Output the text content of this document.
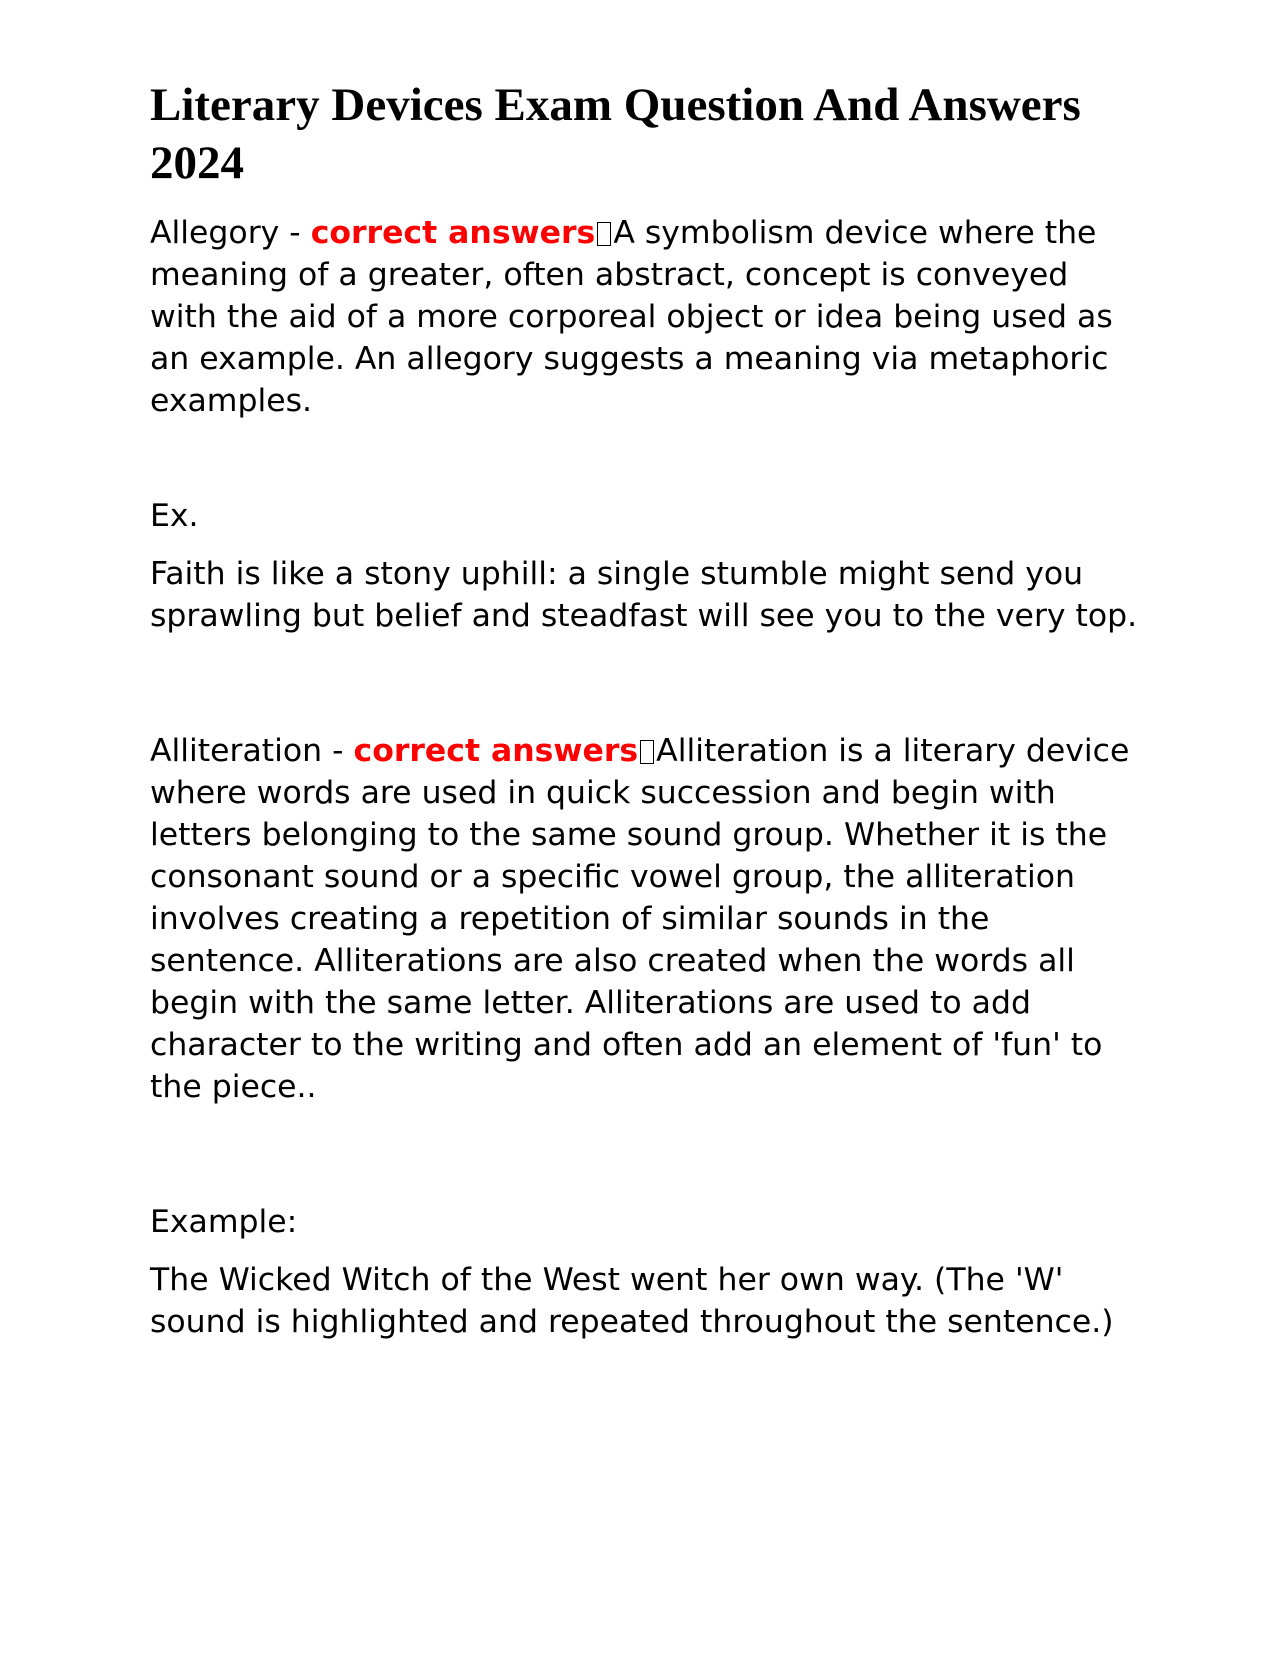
Literary Devices Exam Question And Answers 2024

Allegory - correct answers A symbolism device where the meaning of a greater, often abstract, concept is conveyed with the aid of a more corporeal object or idea being used as an example. An allegory suggests a meaning via metaphoric examples.

Ex.

Faith is like a stony uphill: a single stumble might send you sprawling but belief and steadfast will see you to the very top.

Alliteration - correct answers Alliteration is a literary device where words are used in quick succession and begin with letters belonging to the same sound group. Whether it is the consonant sound or a specific vowel group, the alliteration involves creating a repetition of similar sounds in the sentence. Alliterations are also created when the words all begin with the same letter. Alliterations are used to add character to the writing and often add an element of 'fun' to the piece..

Example:

The Wicked Witch of the West went her own way. (The 'W' sound is highlighted and repeated throughout the sentence.)
